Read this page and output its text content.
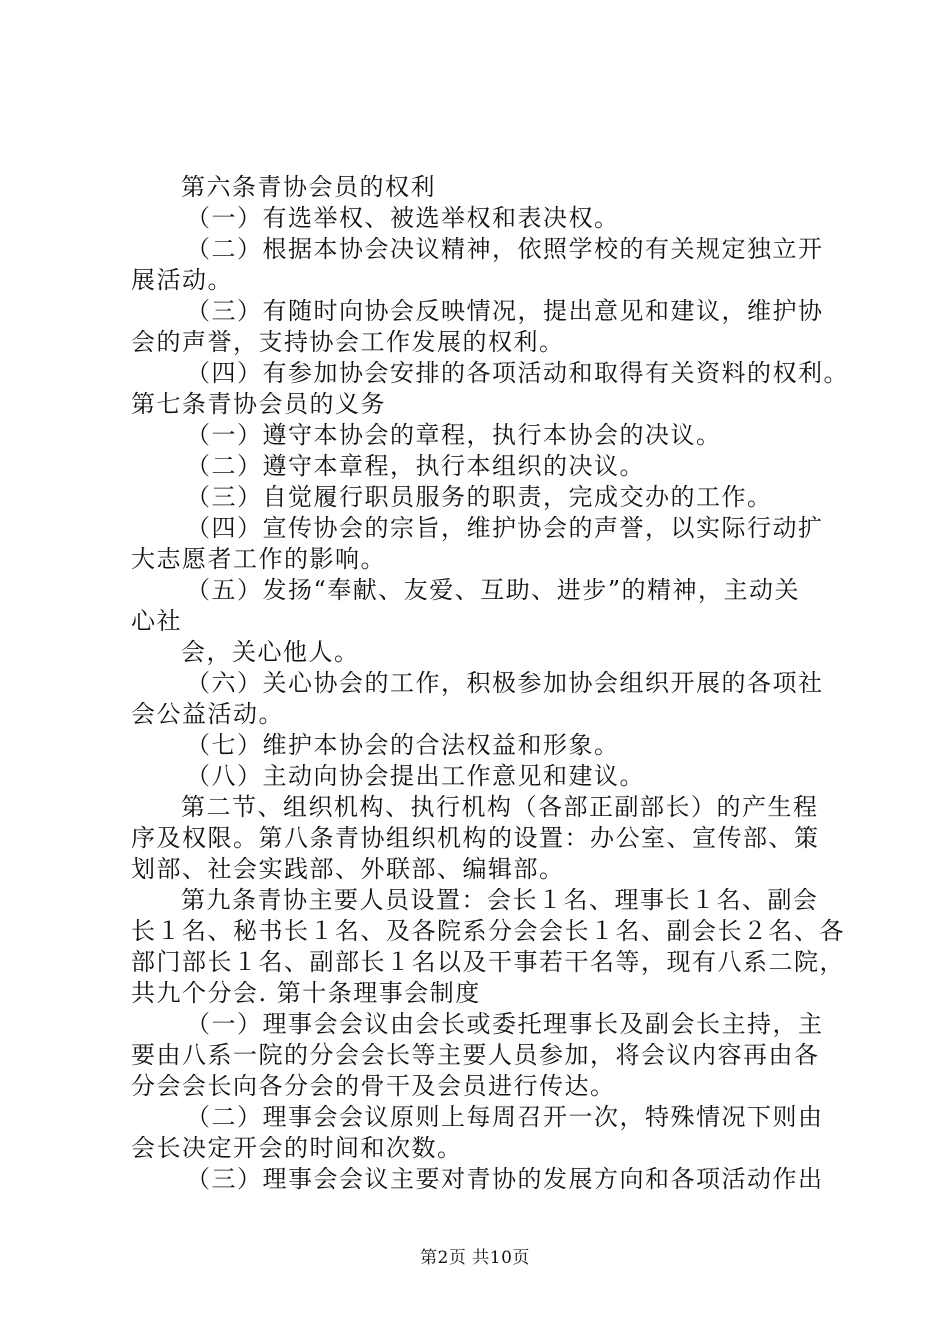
第六条青协会员的权利
（一）有选举权、被选举权和表决权。
（二）根据本协会决议精神，依照学校的有关规定独立开
展活动。
（三）有随时向协会反映情况，提出意见和建议，维护协
会的声誉，支持协会工作发展的权利。
（四）有参加协会安排的各项活动和取得有关资料的权利。
第七条青协会员的义务
（一）遵守本协会的章程，执行本协会的决议。
（二）遵守本章程，执行本组织的决议。
（三）自觉履行职员服务的职责，完成交办的工作。
（四）宣传协会的宗旨，维护协会的声誉，以实际行动扩
大志愿者工作的影响。
（五）发扬“奉献、友爱、互助、进步”的精神，主动关
心社
会，关心他人。
（六）关心协会的工作，积极参加协会组织开展的各项社
会公益活动。
（七）维护本协会的合法权益和形象。
（八）主动向协会提出工作意见和建议。
第二节、组织机构、执行机构（各部正副部长）的产生程
序及权限。第八条青协组织机构的设置：办公室、宣传部、策
划部、社会实践部、外联部、编辑部。
第九条青协主要人员设置：会长１名、理事长１名、副会
长１名、秘书长１名、及各院系分会会长１名、副会长２名、各
部门部长１名、副部长１名以及干事若干名等，现有八系二院，
共九个分会. 第十条理事会制度
（一）理事会会议由会长或委托理事长及副会长主持，主
要由八系一院的分会会长等主要人员参加，将会议内容再由各
分会会长向各分会的骨干及会员进行传达。
（二）理事会会议原则上每周召开一次，特殊情况下则由
会长决定开会的时间和次数。
（三）理事会会议主要对青协的发展方向和各项活动作出
第2页 共10页
